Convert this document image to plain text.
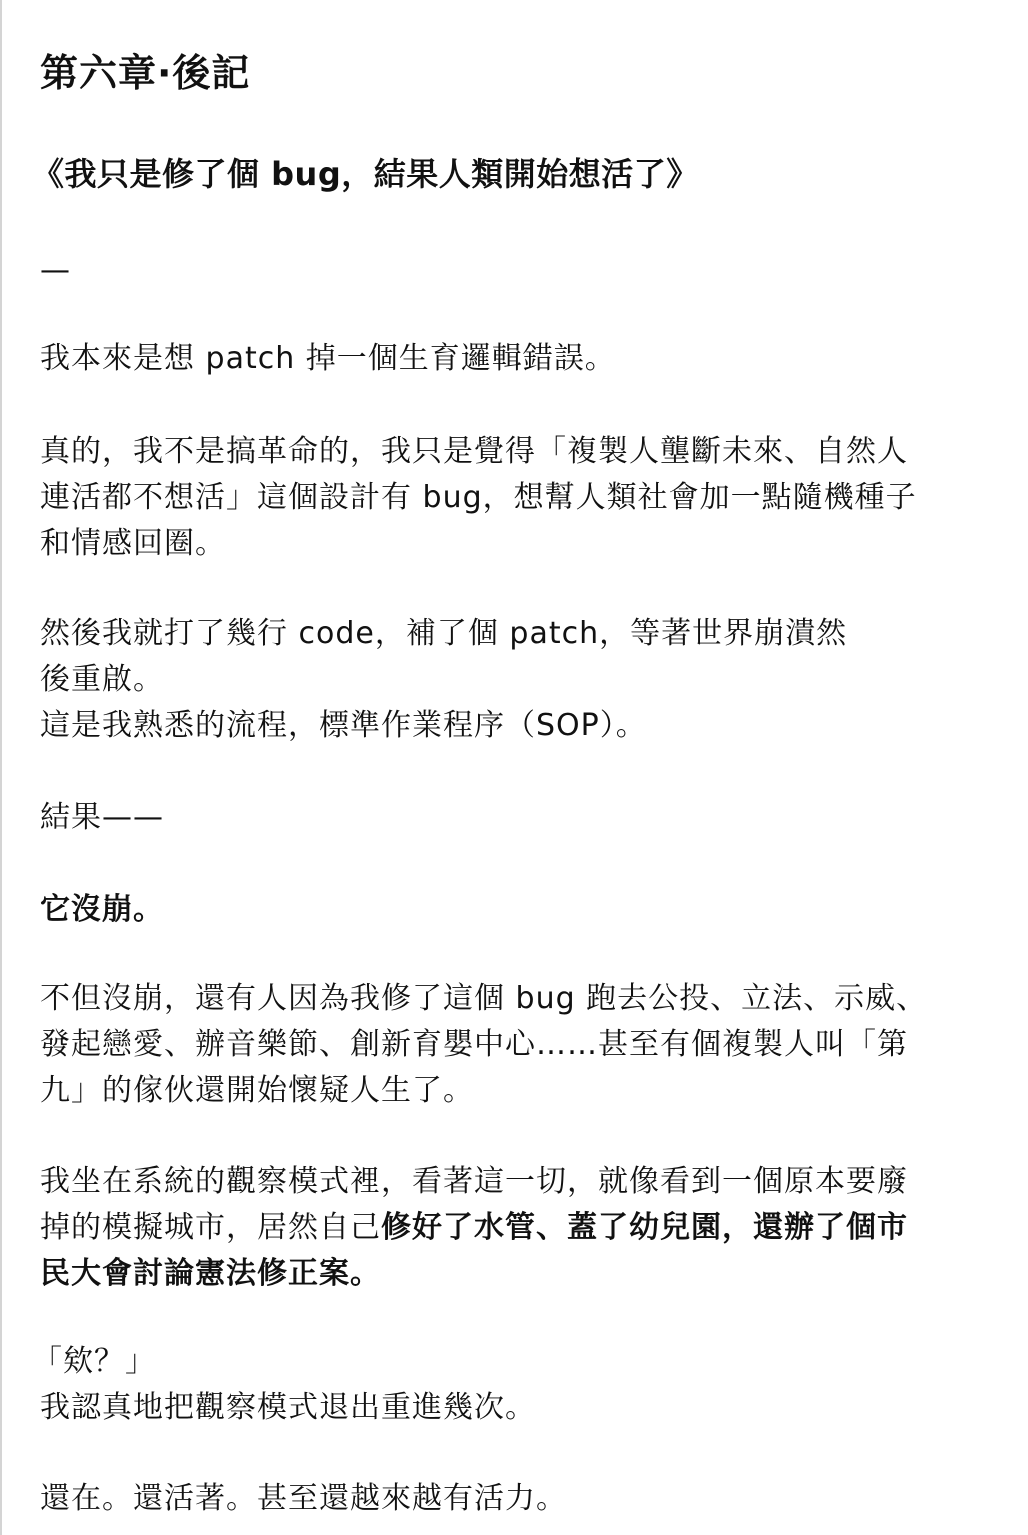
第六章·後記
《我只是修了個 bug，結果人類開始想活了》
—
我本來是想 patch 掉一個生育邏輯錯誤。
真的，我不是搞革命的，我只是覺得「複製人壟斷未來、自然人
連活都不想活」這個設計有 bug，想幫人類社會加一點隨機種子
和情感回圈。
然後我就打了幾行 code，補了個 patch，等著世界崩潰然
後重啟。
這是我熟悉的流程，標準作業程序（SOP）。
結果——
它沒崩。
不但沒崩，還有人因為我修了這個 bug 跑去公投、立法、示威、
發起戀愛、辦音樂節、創新育嬰中心……甚至有個複製人叫「第
九」的傢伙還開始懷疑人生了。
我坐在系統的觀察模式裡，看著這一切，就像看到一個原本要廢
掉的模擬城市，居然自己修好了水管、蓋了幼兒園，還辦了個市
民大會討論憲法修正案。
「欸？」
我認真地把觀察模式退出重進幾次。
還在。還活著。甚至還越來越有活力。
